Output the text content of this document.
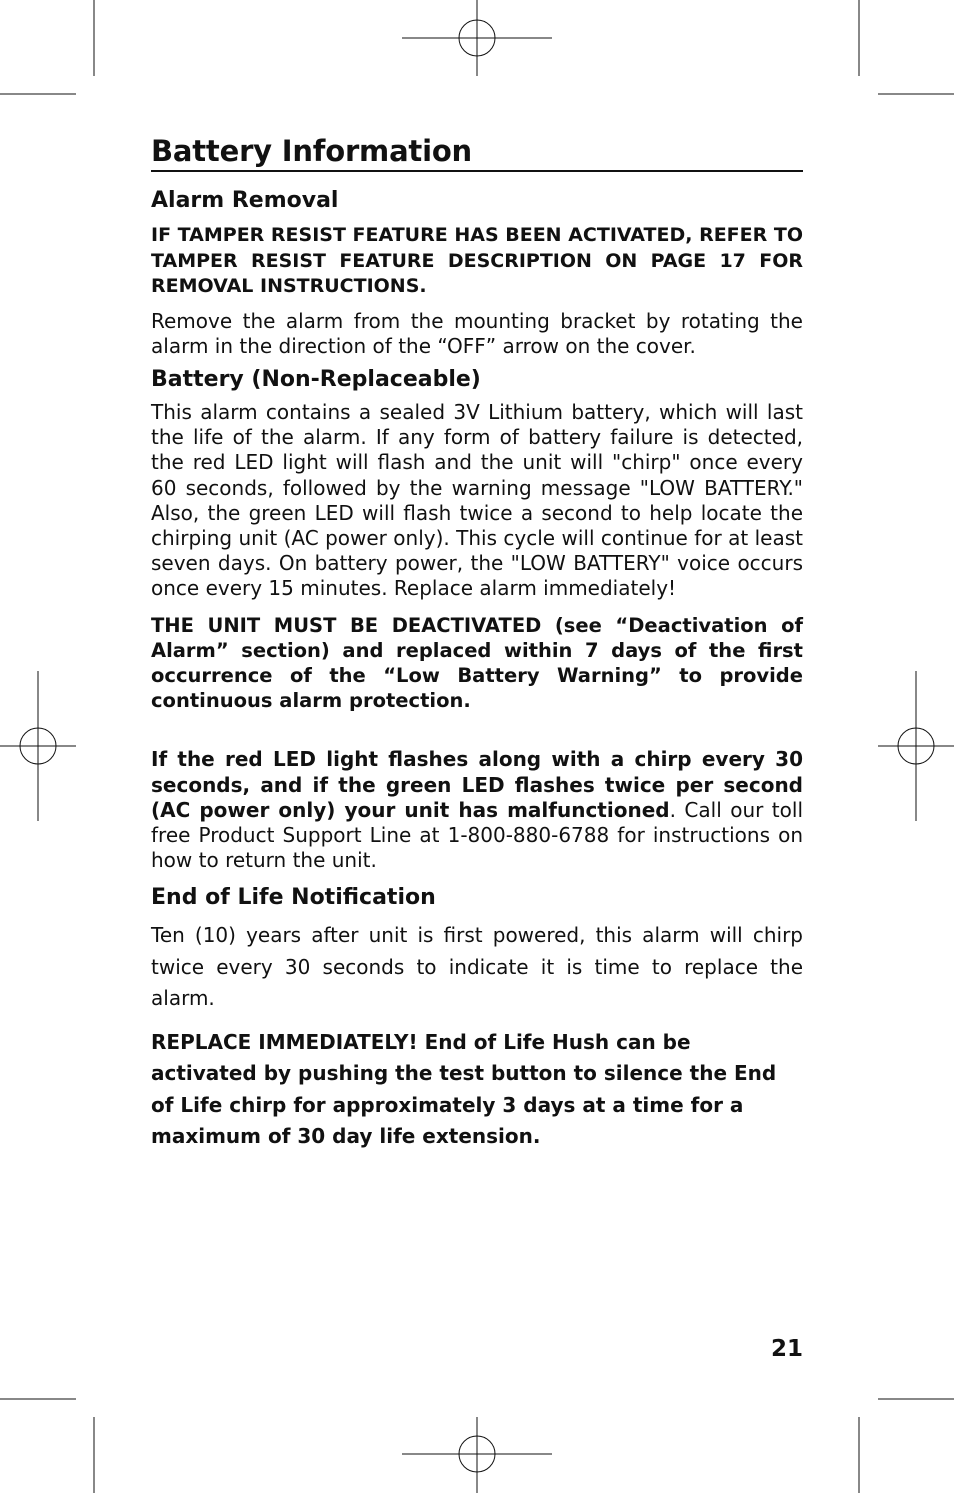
Battery Information
Alarm Removal

IF TAMPER RESIST FEATURE HAS BEEN ACTIVATED, REFER TO TAMPER RESIST FEATURE DESCRIPTION ON PAGE 17 FOR REMOVAL INSTRUCTIONS.

Remove the alarm from the mounting bracket by rotating the alarm in the direction of the “OFF” arrow on the cover.

Battery (Non-Replaceable)

This alarm contains a sealed 3V Lithium battery, which will last the life of the alarm. If any form of battery failure is detected, the red LED light will flash and the unit will "chirp" once every 60 seconds, followed by the warning message "LOW BATTERY." Also, the green LED will flash twice a second to help locate the chirping unit (AC power only). This cycle will continue for at least seven days. On battery power, the "LOW BATTERY" voice occurs once every 15 minutes. Replace alarm immediately!

THE UNIT MUST BE DEACTIVATED (see “Deactivation of Alarm” section) and replaced within 7 days of the first occurrence of the “Low Battery Warning” to provide continuous alarm protection.

If the red LED light flashes along with a chirp every 30 seconds, and if the green LED flashes twice per second (AC power only) your unit has malfunctioned. Call our toll free Product Support Line at 1-800-880-6788 for instructions on how to return the unit.

End of Life Notification

Ten (10) years after unit is first powered, this alarm will chirp twice every 30 seconds to indicate it is time to replace the alarm.

REPLACE IMMEDIATELY! End of Life Hush can be activated by pushing the test button to silence the End of Life chirp for approximately 3 days at a time for a maximum of 30 day life extension.

21
